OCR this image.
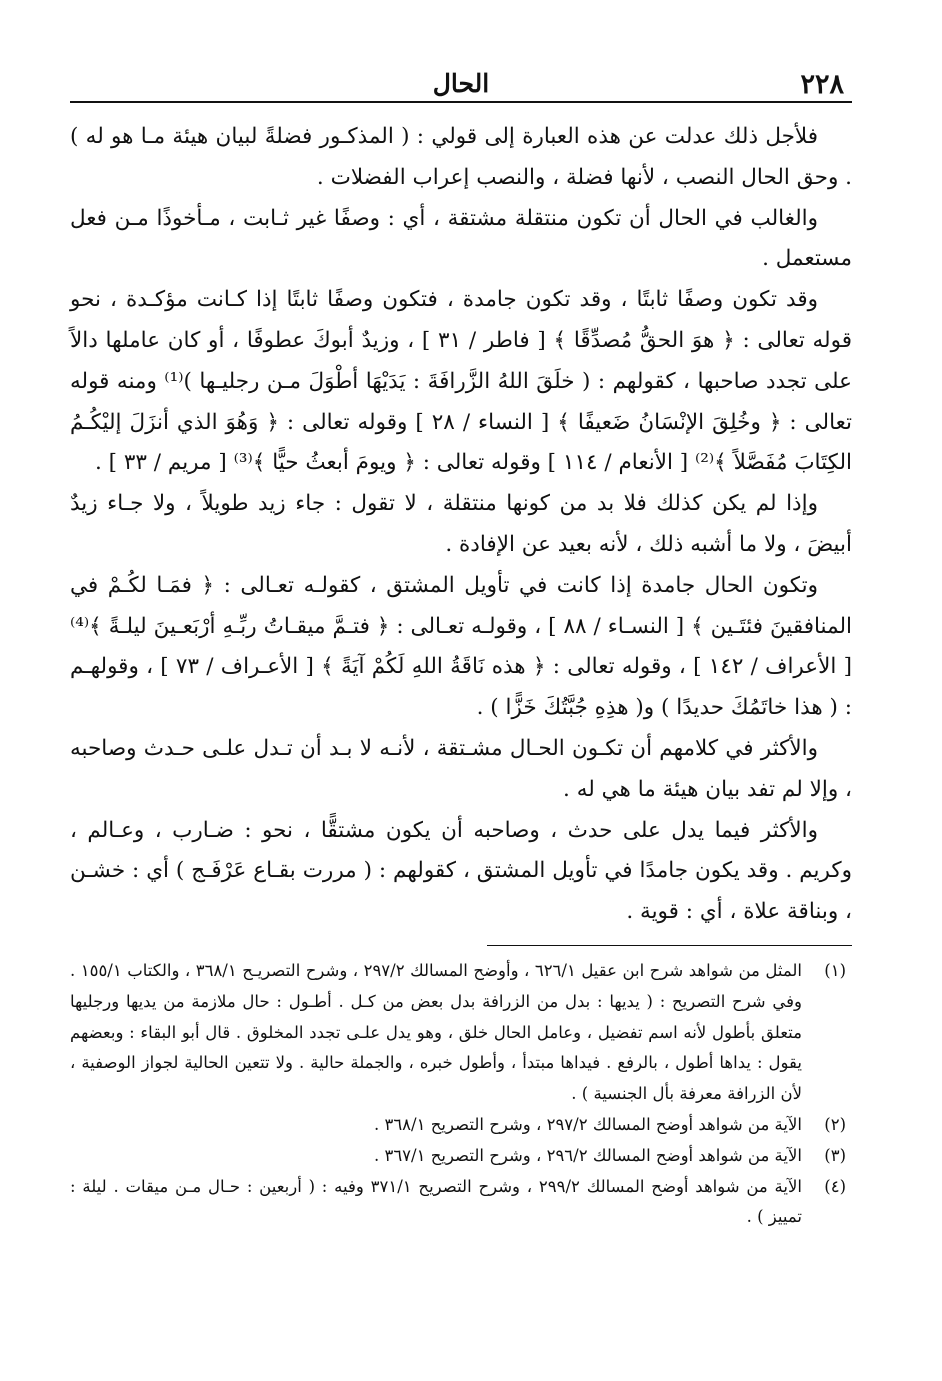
٢٢٨
الحال

فلأجل ذلك عدلت عن هذه العبارة إلى قولي : ( المذكـور فضلةً لبيان هيئة مـا هو له ) . وحق الحال النصب ، لأنها فضلة ، والنصب إعراب الفضلات .

والغالب في الحال أن تكون منتقلة مشتقة ، أي : وصفًا غير ثـابت ، مـأخوذًا مـن فعل مستعمل .

وقد تكون وصفًا ثابتًا ، وقد تكون جامدة ، فتكون وصفًا ثابتًا إذا كـانت مؤكـدة ، نحو قوله تعالى : ﴿ هوَ الحقُّ مُصدِّقًا ﴾ [ فاطر / ٣١ ] ، وزيدٌ أبوكَ عطوفًا ، أو كان عاملها دالاً على تجدد صاحبها ، كقولهم : ( خلَقَ اللهُ الزَّرافَةَ : يَدَيْهَا أطْوَلَ مـن رجليـها )⁽¹⁾ ومنه قوله تعالى : ﴿ وخُلِقَ الإنْسَانُ ضَعيفًا ﴾ [ النساء / ٢٨ ] وقوله تعالى : ﴿ وَهُوَ الذي أنزَلَ إليْكُـمُ الكِتَابَ مُفَصَّلاً ﴾⁽²⁾ [ الأنعام / ١١٤ ] وقوله تعالى : ﴿ ويومَ أبعثُ حيًّا ﴾⁽³⁾ [ مريم / ٣٣ ] .

وإذا لم يكن كذلك فلا بد من كونها منتقلة ، لا تقول : جاء زيد طويلاً ، ولا جـاء زيدٌ أبيضَ ، ولا ما أشبه ذلك ، لأنه بعيد عن الإفادة .

وتكون الحال جامدة إذا كانت في تأويل المشتق ، كقولـه تعـالى : ﴿ فمَـا لكُـمْ في المنافقينَ فئتَـين ﴾ [ النسـاء / ٨٨ ] ، وقولـه تعـالى : ﴿ فتـمَّ ميقـاتُ ربِّـهِ أرْبَعـينَ ليلـةً ﴾⁽⁴⁾ [ الأعراف / ١٤٢ ] ، وقوله تعالى : ﴿ هذه نَاقَةُ اللهِ لَكُمْ آيَةً ﴾ [ الأعـراف / ٧٣ ] ، وقولهـم : ( هذا خاتَمُكَ حديدًا ) و( هذِهِ جُبَّتُكَ خَزًّا ) .

والأكثر في كلامهم أن تكـون الحـال مشـتقة ، لأنـه لا بـد أن تـدل علـى حـدث وصاحبه ، وإلا لم تفد بيان هيئة ما هي له .

والأكثر فيما يدل على حدث ، وصاحبه أن يكون مشتقًّا ، نحو : ضـارب ، وعـالم ، وكريم . وقد يكون جامدًا في تأويل المشتق ، كقولهم : ( مررت بقـاع عَرْفَـج ) أي : خشـن ، وبناقة علاة ، أي : قوية .

(١)
المثل من شواهد شرح ابن عقيل ٦٢٦/١ ، وأوضح المسالك ٢٩٧/٢ ، وشرح التصريـح ٣٦٨/١ ، والكتاب ١٥٥/١ . وفي شرح التصريح : ( يديها : بدل من الزرافة بدل بعض من كـل . أطـول : حال ملازمة من يديها ورجليها متعلق بأطول لأنه اسم تفضيل ، وعامل الحال خلق ، وهو يدل علـى تجدد المخلوق . قال أبو البقاء : وبعضهم يقول : يداها أطول ، بالرفع . فيداها مبتدأ ، وأطول خبره ، والجملة حالية . ولا تتعين الحالية لجواز الوصفية ، لأن الزرافة معرفة بأل الجنسية ) .
(٢)
الآية من شواهد أوضح المسالك ٢٩٧/٢ ، وشرح التصريح ٣٦٨/١ .
(٣)
الآية من شواهد أوضح المسالك ٢٩٦/٢ ، وشرح التصريح ٣٦٧/١ .
(٤)
الآية من شواهد أوضح المسالك ٢٩٩/٢ ، وشرح التصريح ٣٧١/١ وفيه : ( أربعين : حـال مـن ميقات . ليلة : تمييز ) .
